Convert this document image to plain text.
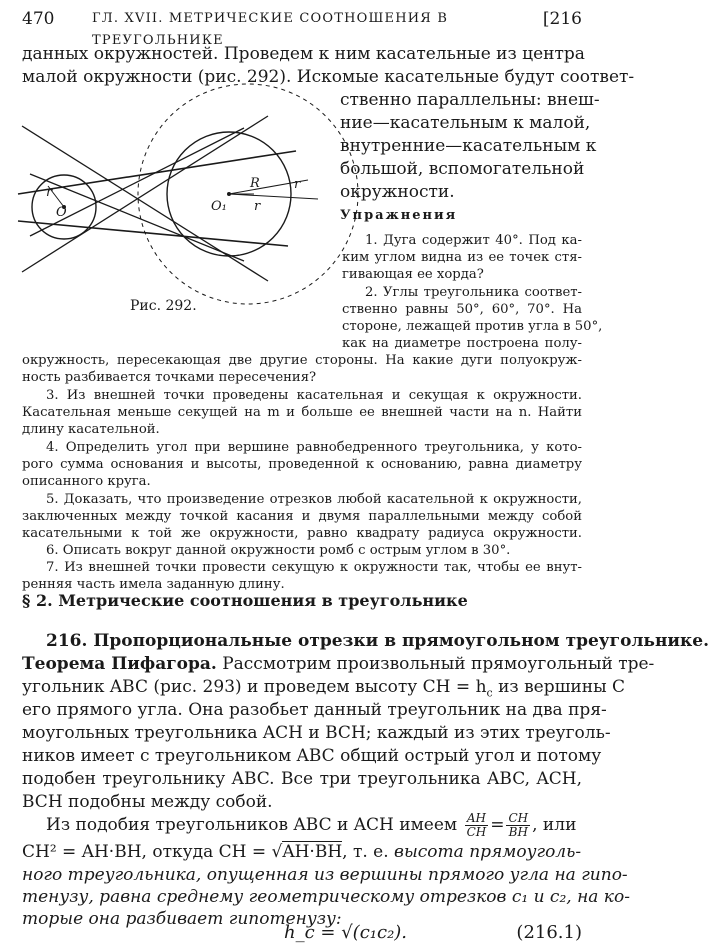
470	ГЛ. XVII. МЕТРИЧЕСКИЕ СООТНОШЕНИЯ В ТРЕУГОЛЬНИКЕ
[216
данных окружностей. Проведем к ним касательные из центра
малой окружности (рис. 292). Искомые касательные будут соответ-
ственно параллельны: внеш-
ние—касательным к малой,
внутренние—касательным к
большой, вспомогательной
окружности.
O	O₁
R	r
r
r
Рис. 292.
Упражнения
1. Дуга содержит 40°. Под ка-
ким углом видна из ее точек стя-
гивающая ее хорда?
2. Углы треугольника соответ-
ственно равны 50°, 60°, 70°. На
стороне, лежащей против угла в 50°,
как на диаметре построена полу-
окружность, пересекающая две другие стороны. На какие дуги полуокруж-
ность разбивается точками пересечения?
3. Из внешней точки проведены касательная и секущая к окружности.
Касательная меньше секущей на m и больше ее внешней части на n. Найти
длину касательной.
4. Определить угол при вершине равнобедренного треугольника, у кото-
рого сумма основания и высоты, проведенной к основанию, равна диаметру
описанного круга.
5. Доказать, что произведение отрезков любой касательной к окружности,
заключенных между точкой касания и двумя параллельными между собой
касательными к той же окружности, равно квадрату радиуса окружности.
6. Описать вокруг данной окружности ромб с острым углом в 30°.
7. Из внешней точки провести секущую к окружности так, чтобы ее внут-
ренняя часть имела заданную длину.
§ 2. Метрические соотношения в треугольнике
216. Пропорциональные отрезки в прямоугольном треугольнике.
Теорема Пифагора. Рассмотрим произвольный прямоугольный тре-
угольник ABC (рис. 293) и проведем высоту CH = $h_c$ из вершины C
его прямого угла. Она разобьет данный треугольник на два пря-
моугольных треугольника ACH и BCH; каждый из этих треуголь-
ников имеет с треугольником ABC общий острый угол и потому
подобен треугольнику ABC. Все три треугольника ABC, ACH,
BCH подобны между собой.
Из подобия треугольников ABC и ACH имеем $\frac{AH}{CH} = \frac{CH}{BH}$ , или
CH² = AH·BH, откуда CH = √AH·BH, т. е. высота прямоуголь-
ного треугольника, опущенная из вершины прямого угла на гипо-
тенузу, равна среднему геометрическому отрезков c₁ и c₂, на ко-
торые она разбивает гипотенузу:
h_c = √(c₁c₂).	(216.1)
